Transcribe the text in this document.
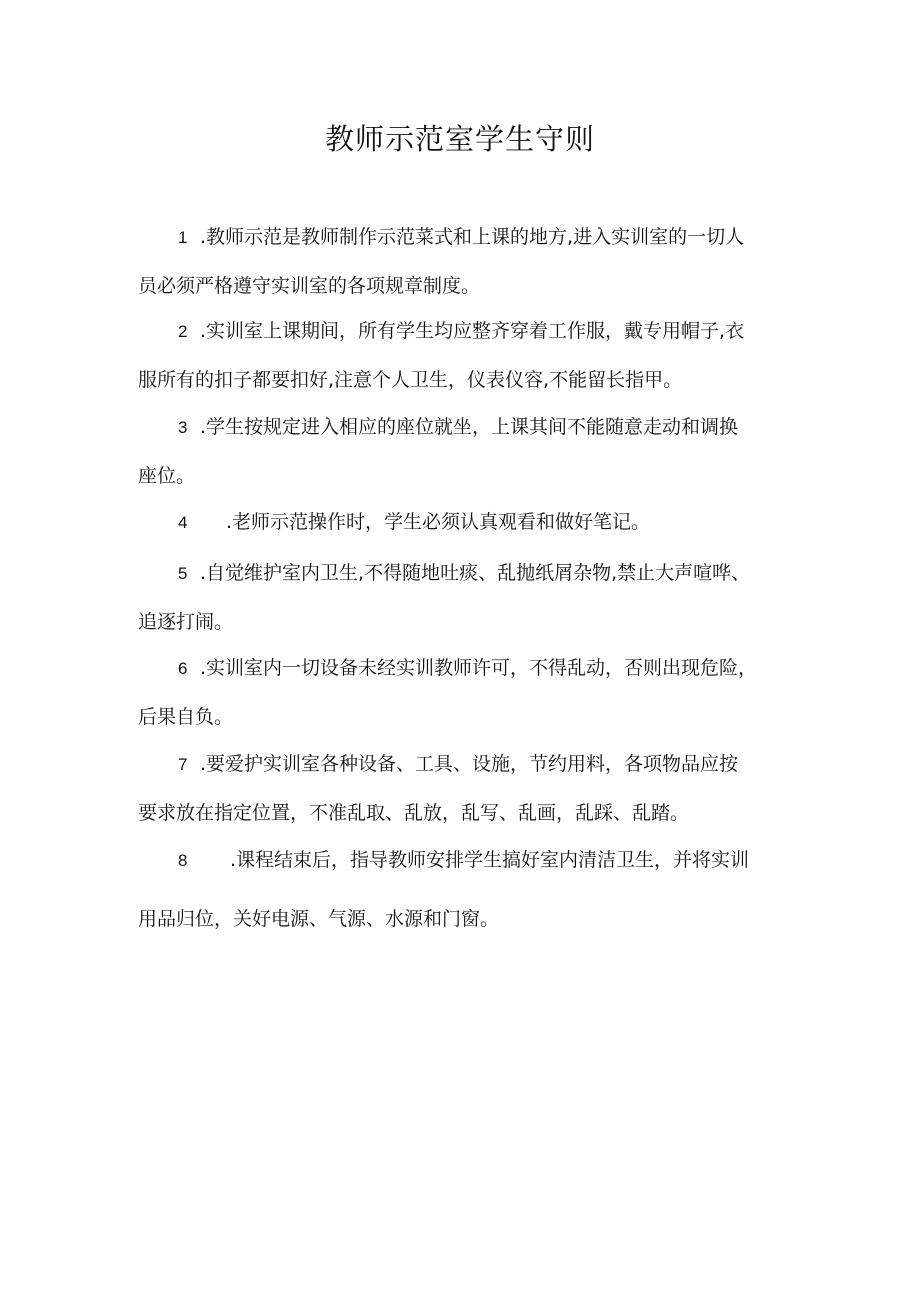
教师示范室学生守则
1 .教师示范是教师制作示范菜式和上课的地方,进入实训室的一切人
员必须严格遵守实训室的各项规章制度。
2 .实训室上课期间，所有学生均应整齐穿着工作服，戴专用帽子,衣
服所有的扣子都要扣好,注意个人卫生，仪表仪容,不能留长指甲。
3 .学生按规定进入相应的座位就坐，上课其间不能随意走动和调换
座位。
4 .老师示范操作时，学生必须认真观看和做好笔记。
5 .自觉维护室内卫生,不得随地吐痰、乱抛纸屑杂物,禁止大声喧哗、
追逐打闹。
6 .实训室内一切设备未经实训教师许可，不得乱动，否则出现危险，
后果自负。
7 .要爱护实训室各种设备、工具、设施，节约用料，各项物品应按
要求放在指定位置，不准乱取、乱放，乱写、乱画，乱踩、乱踏。
8 .课程结束后，指导教师安排学生搞好室内清洁卫生，并将实训
用品归位，关好电源、气源、水源和门窗。
